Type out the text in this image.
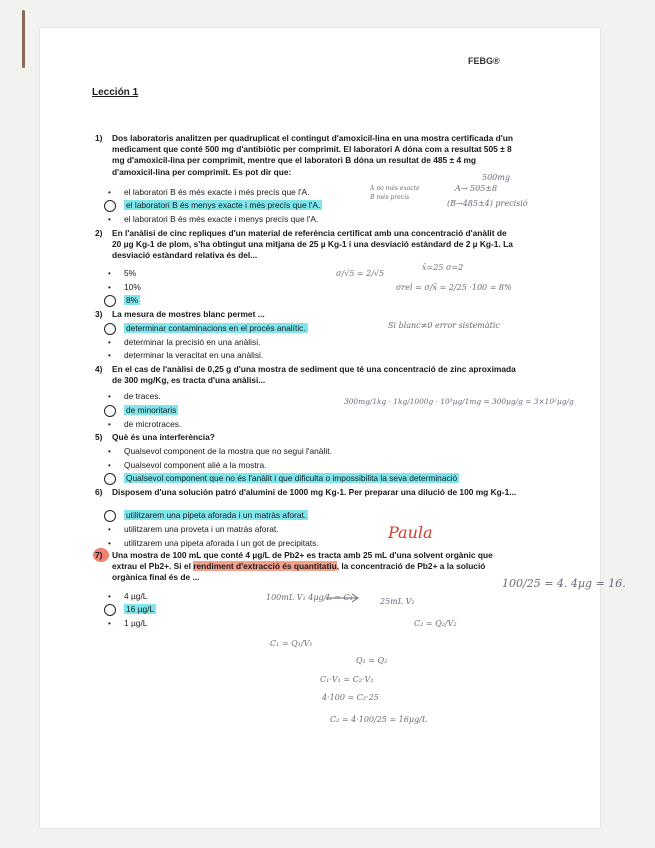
FEBG®
Lección 1
1) Dos laboratoris analitzen per quadruplicat el contingut d'amoxicil-lina en una mostra certificada d'un medicament que conté 500 mg d'antibiòtic per comprimit. El laboratori A dóna com a resultat 505 ± 8 mg d'amoxicil-lina per comprimit, mentre que el laboratori B dóna un resultat de 485 ± 4 mg d'amoxicil-lina per comprimit. Es pot dir que:
• el laboratori B és més exacte i més precís que l'A.
el laboratori B és menys exacte i més precís que l'A.
• el laboratori B és més exacte i menys precís que l'A.
2) En l'anàlisi de cinc repliques d'un material de referència certificat amb una concentració d'anàlit de 20 µg Kg-1 de plom, s'ha obtingut una mitjana de 25 µ Kg-1 i una desviació estàndard de 2 µ Kg-1. La desviació estàndard relativa és del...
• 5%
• 10%
8%
3) La mesura de mostres blanc permet ...
determinar contaminacions en el procés analític.
• determinar la precisió en una anàlisi.
• determinar la veracitat en una anàlisi.
4) En el cas de l'anàlisi de 0,25 g d'una mostra de sediment que té una concentració de zinc aproximada de 300 mg/Kg, es tracta d'una anàlisi...
• de traces.
de minoritaris
• de microtraces.
5) Què és una interferència?
• Qualsevol component de la mostra que no segui l'anàlit.
• Qualsevol component alié a la mostra.
Qualsevol component que no és l'anàlit i que dificulta o impossibilita la seva determinació
6) Disposem d'una solución patró d'alumini de 1000 mg Kg-1. Per preparar una dilució de 100 mg Kg-1...
utilitzarem una pipeta aforada i un matràs aforat.
• utilitzarem una proveta i un matràs aforat.
• utilitzarem una pipeta aforada i un got de precipitats.
7) Una mostra de 100 mL que conté 4 µg/L de Pb2+ es tracta amb 25 mL d'una solvent orgànic que extrau el Pb2+. Si el rendiment d'extracció és quantitatiu, la concentració de Pb2+ a la solució orgànica final és de ...
• 4 µg/L
16 µg/L
• 1 µg/L
500mg
A no més exacte
B més precís
A→ 505±8
(B→485±4) precisió
x̄=25 σ=2
σ/√5 = 2/√5
σrel = σ/x̄ = 2/25 ·100 = 8%
Si blanc≠0 error sistemàtic
300mg/1kg · 1kg/1000g · 10³µg/1mg = 300µg/g = 3×10²µg/g
Paula
100/25 = 4. 4µg = 16.
100mL V₁ 4µg/L = C₁	25mL V₂
C₂ = Q₂/V₂
C₁ = Q₁/V₁
Q₁ = Q₂
C₁·V₁ = C₂·V₂
4·100 = C₂·25
C₂ = 4·100/25 = 16µg/L
